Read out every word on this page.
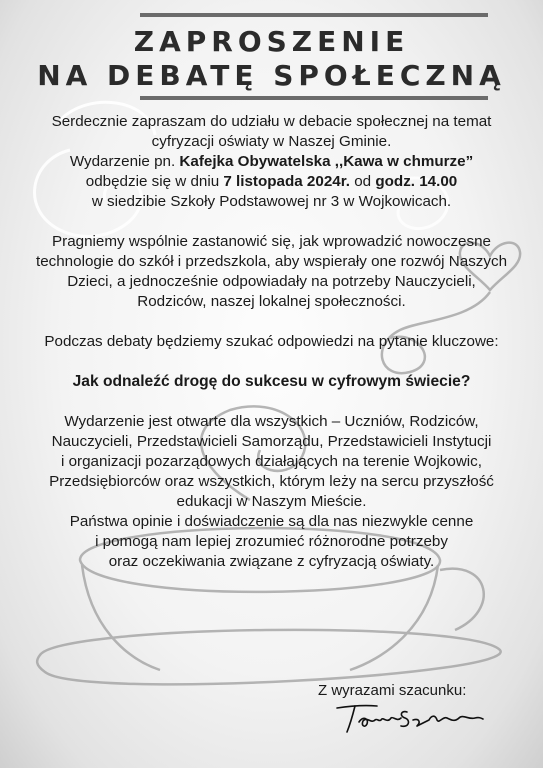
ZAPROSZENIE
NA DEBATĘ SPOŁECZNĄ

Serdecznie zapraszam do udziału w debacie społecznej na temat

cyfryzacji oświaty w Naszej Gminie.

Wydarzenie pn. Kafejka Obywatelska ,,Kawa w chmurze”

odbędzie się w dniu 7 listopada 2024r. od godz. 14.00

w siedzibie Szkoły Podstawowej nr 3 w Wojkowicach.

Pragniemy wspólnie zastanowić się, jak wprowadzić nowoczesne

technologie do szkół i przedszkola, aby wspierały one rozwój Naszych

Dzieci, a jednocześnie odpowiadały na potrzeby Nauczycieli,

Rodziców, naszej lokalnej społeczności.

Podczas debaty będziemy szukać odpowiedzi na pytanie kluczowe:

Jak odnaleźć drogę do sukcesu w cyfrowym świecie?

Wydarzenie jest otwarte dla wszystkich – Uczniów, Rodziców,

Nauczycieli, Przedstawicieli Samorządu, Przedstawicieli Instytucji

i organizacji pozarządowych działających na terenie Wojkowic,

Przedsiębiorców oraz wszystkich, którym leży na sercu przyszłość

edukacji w Naszym Mieście.

Państwa opinie i doświadczenie są dla nas niezwykle cenne

i pomogą nam lepiej zrozumieć różnorodne potrzeby

oraz oczekiwania związane z cyfryzacją oświaty.

Z wyrazami szacunku:
